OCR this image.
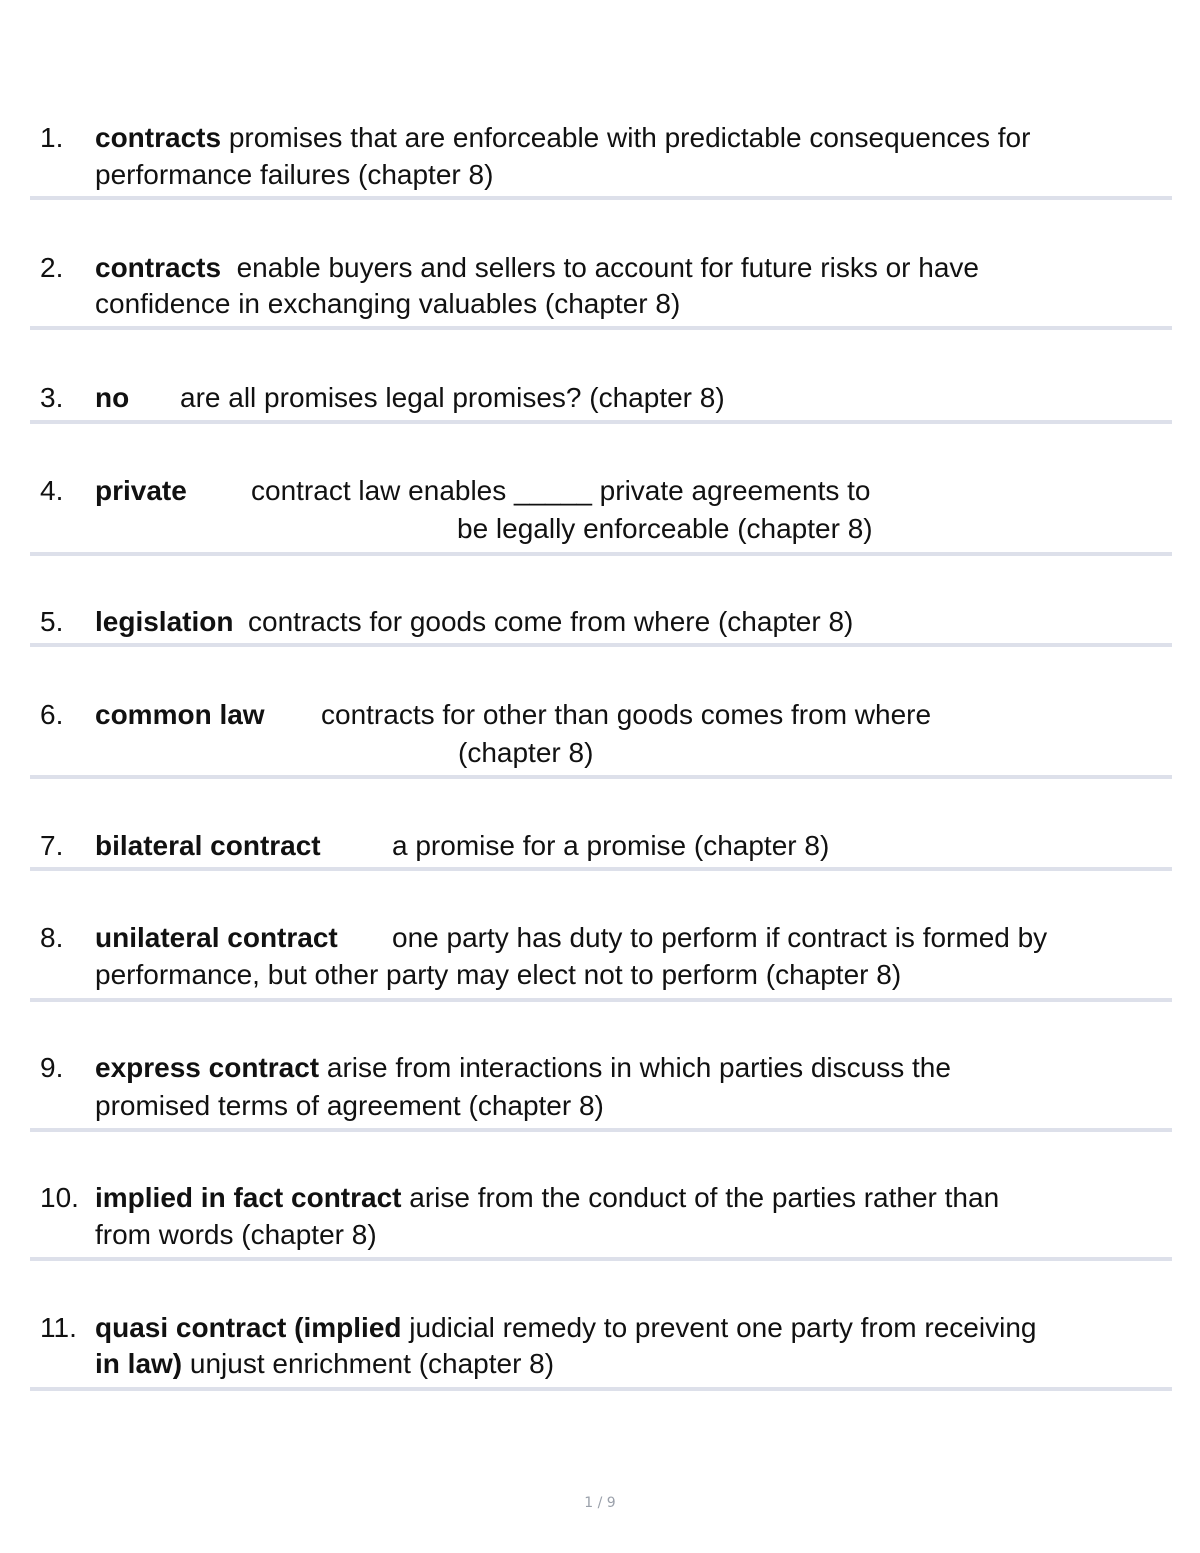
1. contracts promises that are enforceable with predictable consequences for
performance failures (chapter 8)
2. contracts  enable buyers and sellers to account for future risks or have
confidence in exchanging valuables (chapter 8)
3. no are all promises legal promises? (chapter 8)
4. private contract law enables _____ private agreements to
be legally enforceable (chapter 8)
5. legislation contracts for goods come from where (chapter 8)
6. common law contracts for other than goods comes from where
(chapter 8)
7. bilateral contract	a promise for a promise (chapter 8)
8. unilateral contract one party has duty to perform if contract is formed by
performance, but other party may elect not to perform (chapter 8)
9. express contract arise from interactions in which parties discuss the
promised terms of agreement (chapter 8)
10. implied in fact contract arise from the conduct of the parties rather than
from words (chapter 8)
11. quasi contract (implied judicial remedy to prevent one party from receiving
in law) unjust enrichment (chapter 8)
1 / 9
